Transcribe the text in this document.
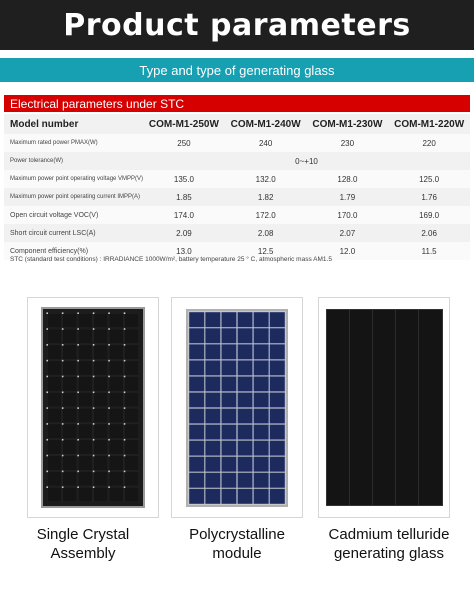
Product parameters
Type and type of generating glass
Electrical parameters under STC
Model number	COM-M1-250W	COM-M1-240W	COM-M1-230W	COM-M1-220W
Maximum rated power PMAX(W)	250	240	230	220
Power tolerance(W)	0~+10			
Maximum power point operating voltage VMPP(V)	135.0	132.0	128.0	125.0
Maximum power point operating current IMPP(A)	1.85	1.82	1.79	1.76
Open circuit voltage VOC(V)	174.0	172.0	170.0	169.0
Short circuit current LSC(A)	2.09	2.08	2.07	2.06
Component efficiency(%)	13.0	12.5	12.0	11.5
STC (standard test conditions) : IRRADIANCE 1000W/m², battery temperature 25 ° C, atmospheric mass AM1.5
Single Crystal
Assembly
Polycrystalline
module
Cadmium telluride
generating glass
